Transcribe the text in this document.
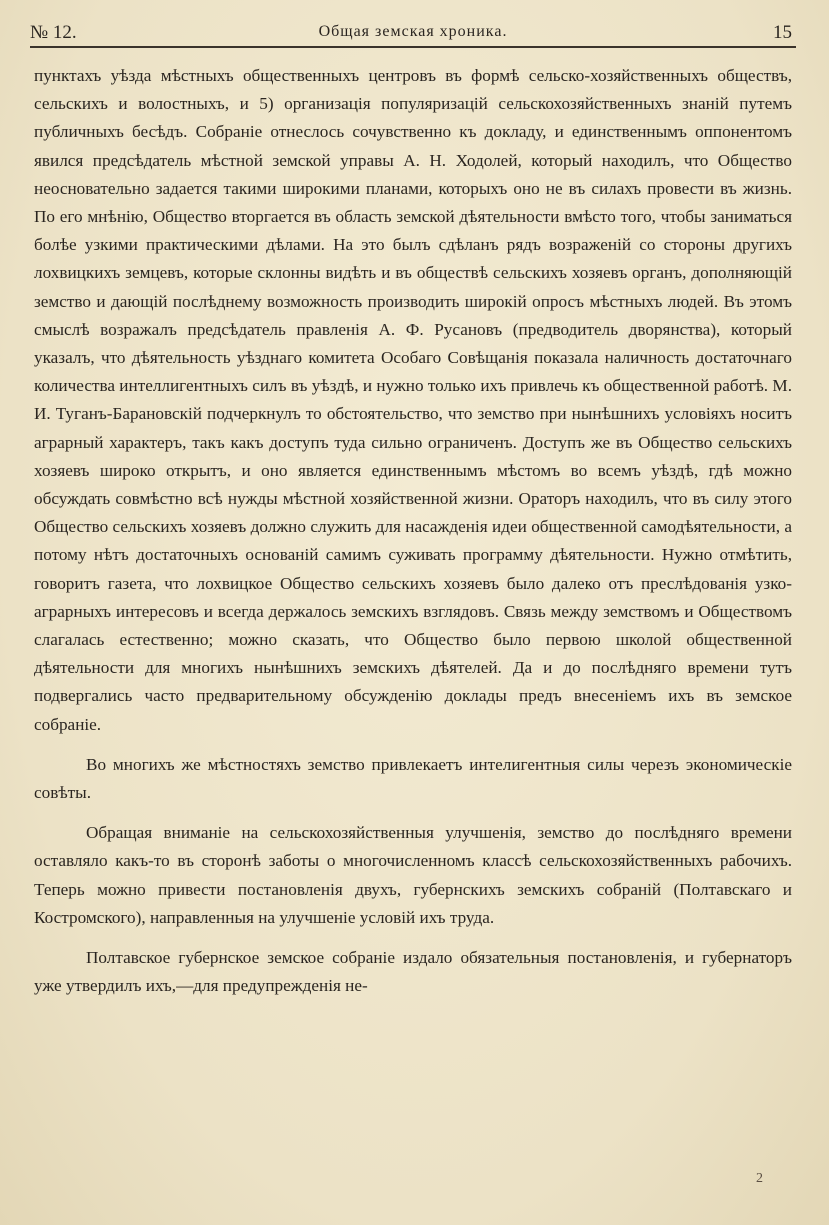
№ 12.	Общая земская хроника.	15

пунктахъ уѣзда мѣстныхъ общественныхъ центровъ въ формѣ сельско-хозяйственныхъ обществъ, сельскихъ и волостныхъ, и 5) организація популяризацій сельскохозяйственныхъ знаній путемъ публичныхъ бесѣдъ. Собраніе отнеслось сочувственно къ докладу, и единственнымъ оппонентомъ явился предсѣдатель мѣстной земской управы А. Н. Ходолей, который находилъ, что Общество неосновательно задается такими широкими планами, которыхъ оно не въ силахъ провести въ жизнь. По его мнѣнію, Общество вторгается въ область земской дѣятельности вмѣсто того, чтобы заниматься болѣе узкими практическими дѣлами. На это былъ сдѣланъ рядъ возраженій со стороны другихъ лохвицкихъ земцевъ, которые склонны видѣть и въ обществѣ сельскихъ хозяевъ органъ, дополняющій земство и дающій послѣднему возможность производить широкій опросъ мѣстныхъ людей. Въ этомъ смыслѣ возражалъ предсѣдатель правленія А. Ф. Русановъ (предводитель дворянства), который указалъ, что дѣятельность уѣзднаго комитета Особаго Совѣщанія показала наличность достаточнаго количества интеллигентныхъ силъ въ уѣздѣ, и нужно только ихъ привлечь къ общественной работѣ. М. И. Туганъ-Барановскій подчеркнулъ то обстоятельство, что земство при нынѣшнихъ условіяхъ носитъ аграрный характеръ, такъ какъ доступъ туда сильно ограниченъ. Доступъ же въ Общество сельскихъ хозяевъ широко открытъ, и оно является единственнымъ мѣстомъ во всемъ уѣздѣ, гдѣ можно обсуждать совмѣстно всѣ нужды мѣстной хозяйственной жизни. Ораторъ находилъ, что въ силу этого Общество сельскихъ хозяевъ должно служить для насажденія идеи общественной самодѣятельности, а потому нѣтъ достаточныхъ основаній самимъ суживать программу дѣятельности. Нужно отмѣтить, говоритъ газета, что лохвицкое Общество сельскихъ хозяевъ было далеко отъ преслѣдованія узко-аграрныхъ интересовъ и всегда держалось земскихъ взглядовъ. Связь между земствомъ и Обществомъ слагалась естественно; можно сказать, что Общество было первою школой общественной дѣятельности для многихъ нынѣшнихъ земскихъ дѣятелей. Да и до послѣдняго времени тутъ подвергались часто предварительному обсужденію доклады предъ внесеніемъ ихъ въ земское собраніе.

Во многихъ же мѣстностяхъ земство привлекаетъ интелигентныя силы черезъ экономическіе совѣты.

Обращая вниманіе на сельскохозяйственныя улучшенія, земство до послѣдняго времени оставляло какъ-то въ сторонѣ заботы о многочисленномъ классѣ сельскохозяйственныхъ рабочихъ. Теперь можно привести постановленія двухъ, губернскихъ земскихъ собраній (Полтавскаго и Костромского), направленныя на улучшеніе условій ихъ труда.

Полтавское губернское земское собраніе издало обязательныя постановленія, и губернаторъ уже утвердилъ ихъ,—для предупрежденія не-

2
